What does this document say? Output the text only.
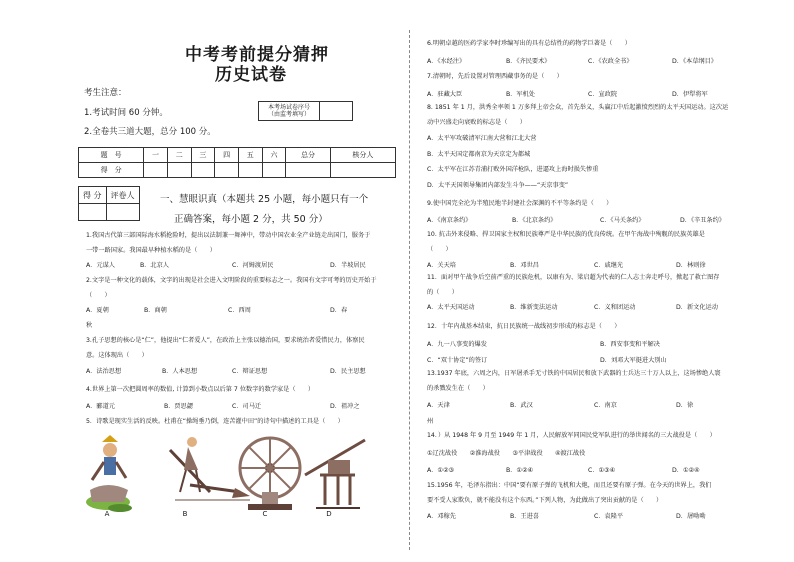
中考考前提分猜押
历史试卷
考生注意：
1.考试时间 60 分钟。
2.全卷共三道大题，总分 100 分。
本考场试卷序号
（由监考填写）	
题　号	一	二	三	四	五	六	总分	核分人
得　分								
得 分	评卷人
		一、慧眼识真（本题共 25 小题，每小题只有一个
正确答案，每小题 2 分，共 50 分）
1.我国古代第三部国际海水稻抢险时，提出以法制兼一舞神中，带动中国农业全产业链走出国门，服务于
一带一路国家。我国最早种植水稻的是（　　）
A．元谋人	B．北京人	C．河姆渡居民	D．半坡居民
2.文字是一种文化的载体，文字的出现是社会进入文明阶段的重要标志之一。我国有文字可考的历史开始于
（　　）
A．夏朝	B．商朝	C．西周	D．春
秋
3.孔子思想的核心是“仁”，他提出“仁者爱人”，在政治上主张以德治国，要求统治者爱惜民力，体察民
意。这体现出（　　）
A．法治思想	B．人本思想	C．辩证思想	D．民主思想
4.世界上第一次把圆周率的数值, 计算到小数点以后第 7 位数字的数学家是（　　）
A．郦道元	B．贾思勰	C．司马迁	D．祖冲之
5．诗歌是现实生活的反映。杜甫在“操绳垂乃倒，连苦灌中田”的诗句中描述的工具是（　　）
A	B	C	D
6.明朝卓越的医药学家李时珍编写出的具有总结性的药物学巨著是（　　）
A．《水经注》	B．《齐民要术》	C．《农政全书》	D．《本草纲目》
7.清朝时，先后设置对管理西藏事务的是（　　）
A．驻藏大臣	B．军机处	C．宣政院	D．伊犁将军
8. 1851 年 1 月，洪秀全率领 1 万多拜上帝会众，首先举义，头赢江中后起激愤烈烈的太平天国运动。这次运
动中兴盛走向衰败的标志是（　　）
A．太平军攻破清军江南大营和江北大营
B．太平天国定都南京为天京定为都城
C．太平军在江苏青浦打败外国洋枪队，进逼攻上海时损失惨重
D．太平天国领导集团内部发生斗争——“天京事变”
9.使中国完全沦为半殖民地半封建社会深渊的不平等条约是（　　）
A．《南京条约》	B．《北京条约》	C．《马关条约》	D．《辛丑条约》
10. 抗击外来侵略、捍卫国家主权和民族尊严是中华民族的优良传统。在甲午海战中殉舰的民族英雄是
（　　）
A．关天培	B．邓世昌	C．戚继光	D．林则徐
11．面对甲午战争后空前严重的民族危机，以康有为、梁启超为代表的仁人志士奔走呼号，掀起了救亡图存
的（　　）
A．太平天国运动	B．维新变法运动	C．义和团运动	D．新文化运动
12．十年内战基本结束，抗日民族统一战线初步形成的标志是（　　）
A．九一八事变的爆发	B．西安事变和平解决
C．“双十协定”的签订	D．刘邓大军挺进大别山
13.1937 年底，六周之内，日军屠杀手无寸铁的中国居民和放下武器的士兵达三十万人以上，这场惨绝人寰
的杀戮发生在（　　）
A．天津	B．武汉	C．南京	D．徐
州
14．）从 1948 年 9 月至 1949 年 1 月，人民解放军同国民党军队进行的举世闻名的三大战役是（　　）
①辽沈战役　　②淮海战役　　③平津战役　　④渡江战役
A．①②③	B．①②④	C．①③④	D．①②④
15.1956 年，毛泽东指出：中国“要有原子弹的飞机和大炮，而且还要有原子弹。在今天的世界上，我们
要不受人家欺负，就不能没有这个东西。”下列人物，为此做出了突出贡献的是（　　）
A．邓稼先	B．王进喜	C．袁隆平	D．屠呦呦
